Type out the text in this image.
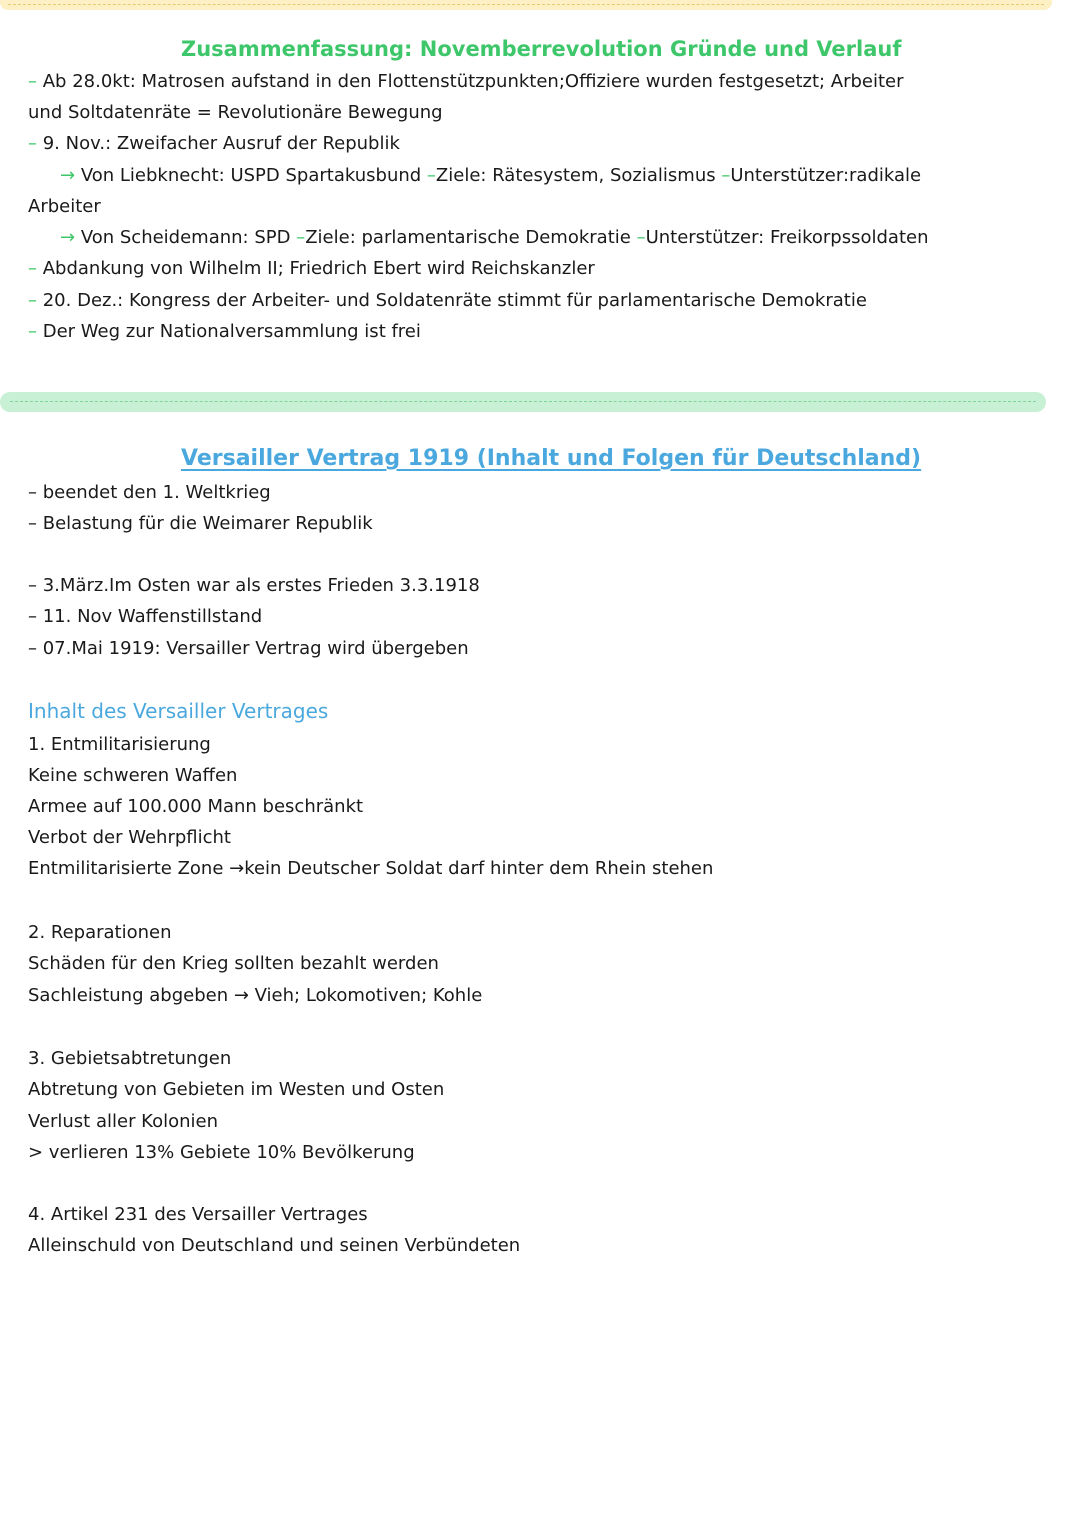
Zusammenfassung: Novemberrevolution Gründe und Verlauf
– Ab 28.0kt: Matrosen aufstand in den Flottenstützpunkten;Offiziere wurden festgesetzt; Arbeiter
und Soltdatenräte = Revolutionäre Bewegung
– 9. Nov.: Zweifacher Ausruf der Republik
→ Von Liebknecht: USPD Spartakusbund –Ziele: Rätesystem, Sozialismus –Unterstützer:radikale
Arbeiter
→ Von Scheidemann: SPD –Ziele: parlamentarische Demokratie –Unterstützer: Freikorpssoldaten
– Abdankung von Wilhelm II; Friedrich Ebert wird Reichskanzler
– 20. Dez.: Kongress der Arbeiter- und Soldatenräte stimmt für parlamentarische Demokratie
– Der Weg zur Nationalversammlung ist frei
Versailler Vertrag 1919 (Inhalt und Folgen für Deutschland)
– beendet den 1. Weltkrieg
– Belastung für die Weimarer Republik
– 3.März.Im Osten war als erstes Frieden 3.3.1918
– 11. Nov Waffenstillstand
– 07.Mai 1919: Versailler Vertrag wird übergeben
Inhalt des Versailler Vertrages
1. Entmilitarisierung
Keine schweren Waffen
Armee auf 100.000 Mann beschränkt
Verbot der Wehrpflicht
Entmilitarisierte Zone →kein Deutscher Soldat darf hinter dem Rhein stehen
2. Reparationen
Schäden für den Krieg sollten bezahlt werden
Sachleistung abgeben → Vieh; Lokomotiven; Kohle
3. Gebietsabtretungen
Abtretung von Gebieten im Westen und Osten
Verlust aller Kolonien
> verlieren 13% Gebiete 10% Bevölkerung
4. Artikel 231 des Versailler Vertrages
Alleinschuld von Deutschland und seinen Verbündeten
